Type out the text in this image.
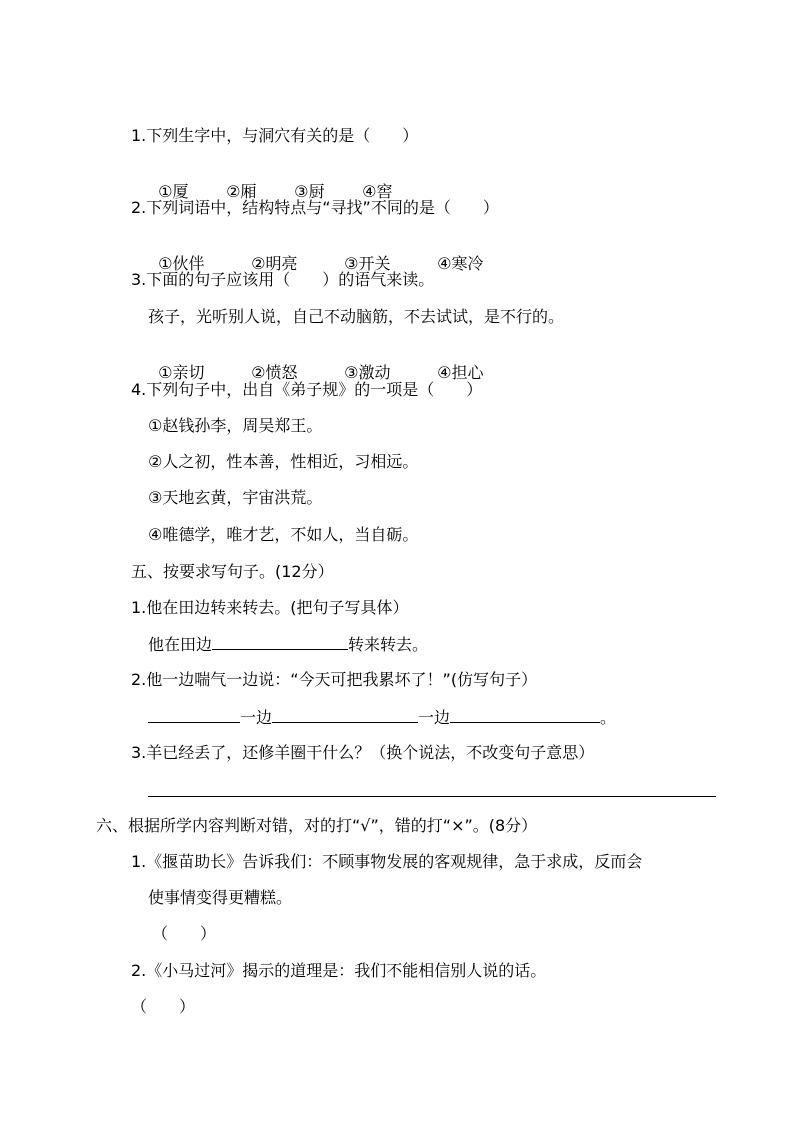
1.下列生字中，与洞穴有关的是（　　）

①厦 ②厢 ③厨 ④窖

2.下列词语中，结构特点与“寻找”不同的是（　　）

①伙伴	②明亮	③开关	④寒冷

3.下面的句子应该用（　　）的语气来读。
孩子，光听别人说，自己不动脑筋，不去试试，是不行的。

①亲切	②愤怒	③激动	④担心

4.下列句子中，出自《弟子规》的一项是（　　）
①赵钱孙李，周吴郑王。
②人之初，性本善，性相近，习相远。
③天地玄黄，宇宙洪荒。
④唯德学，唯才艺，不如人，当自砺。
五、按要求写句子。(12分）
1.他在田边转来转去。(把句子写具体）
他在田边	转来转去。
2.他一边喘气一边说：“今天可把我累坏了！”(仿写句子）
一边	一边	。
3.羊已经丢了，还修羊圈干什么？（换个说法，不改变句子意思）
六、根据所学内容判断对错，对的打“√”，错的打“×”。(8分）
1.《揠苗助长》告诉我们：不顾事物发展的客观规律，急于求成，反而会
使事情变得更糟糕。
（　　）
2.《小马过河》揭示的道理是：我们不能相信别人说的话。
（　　）
